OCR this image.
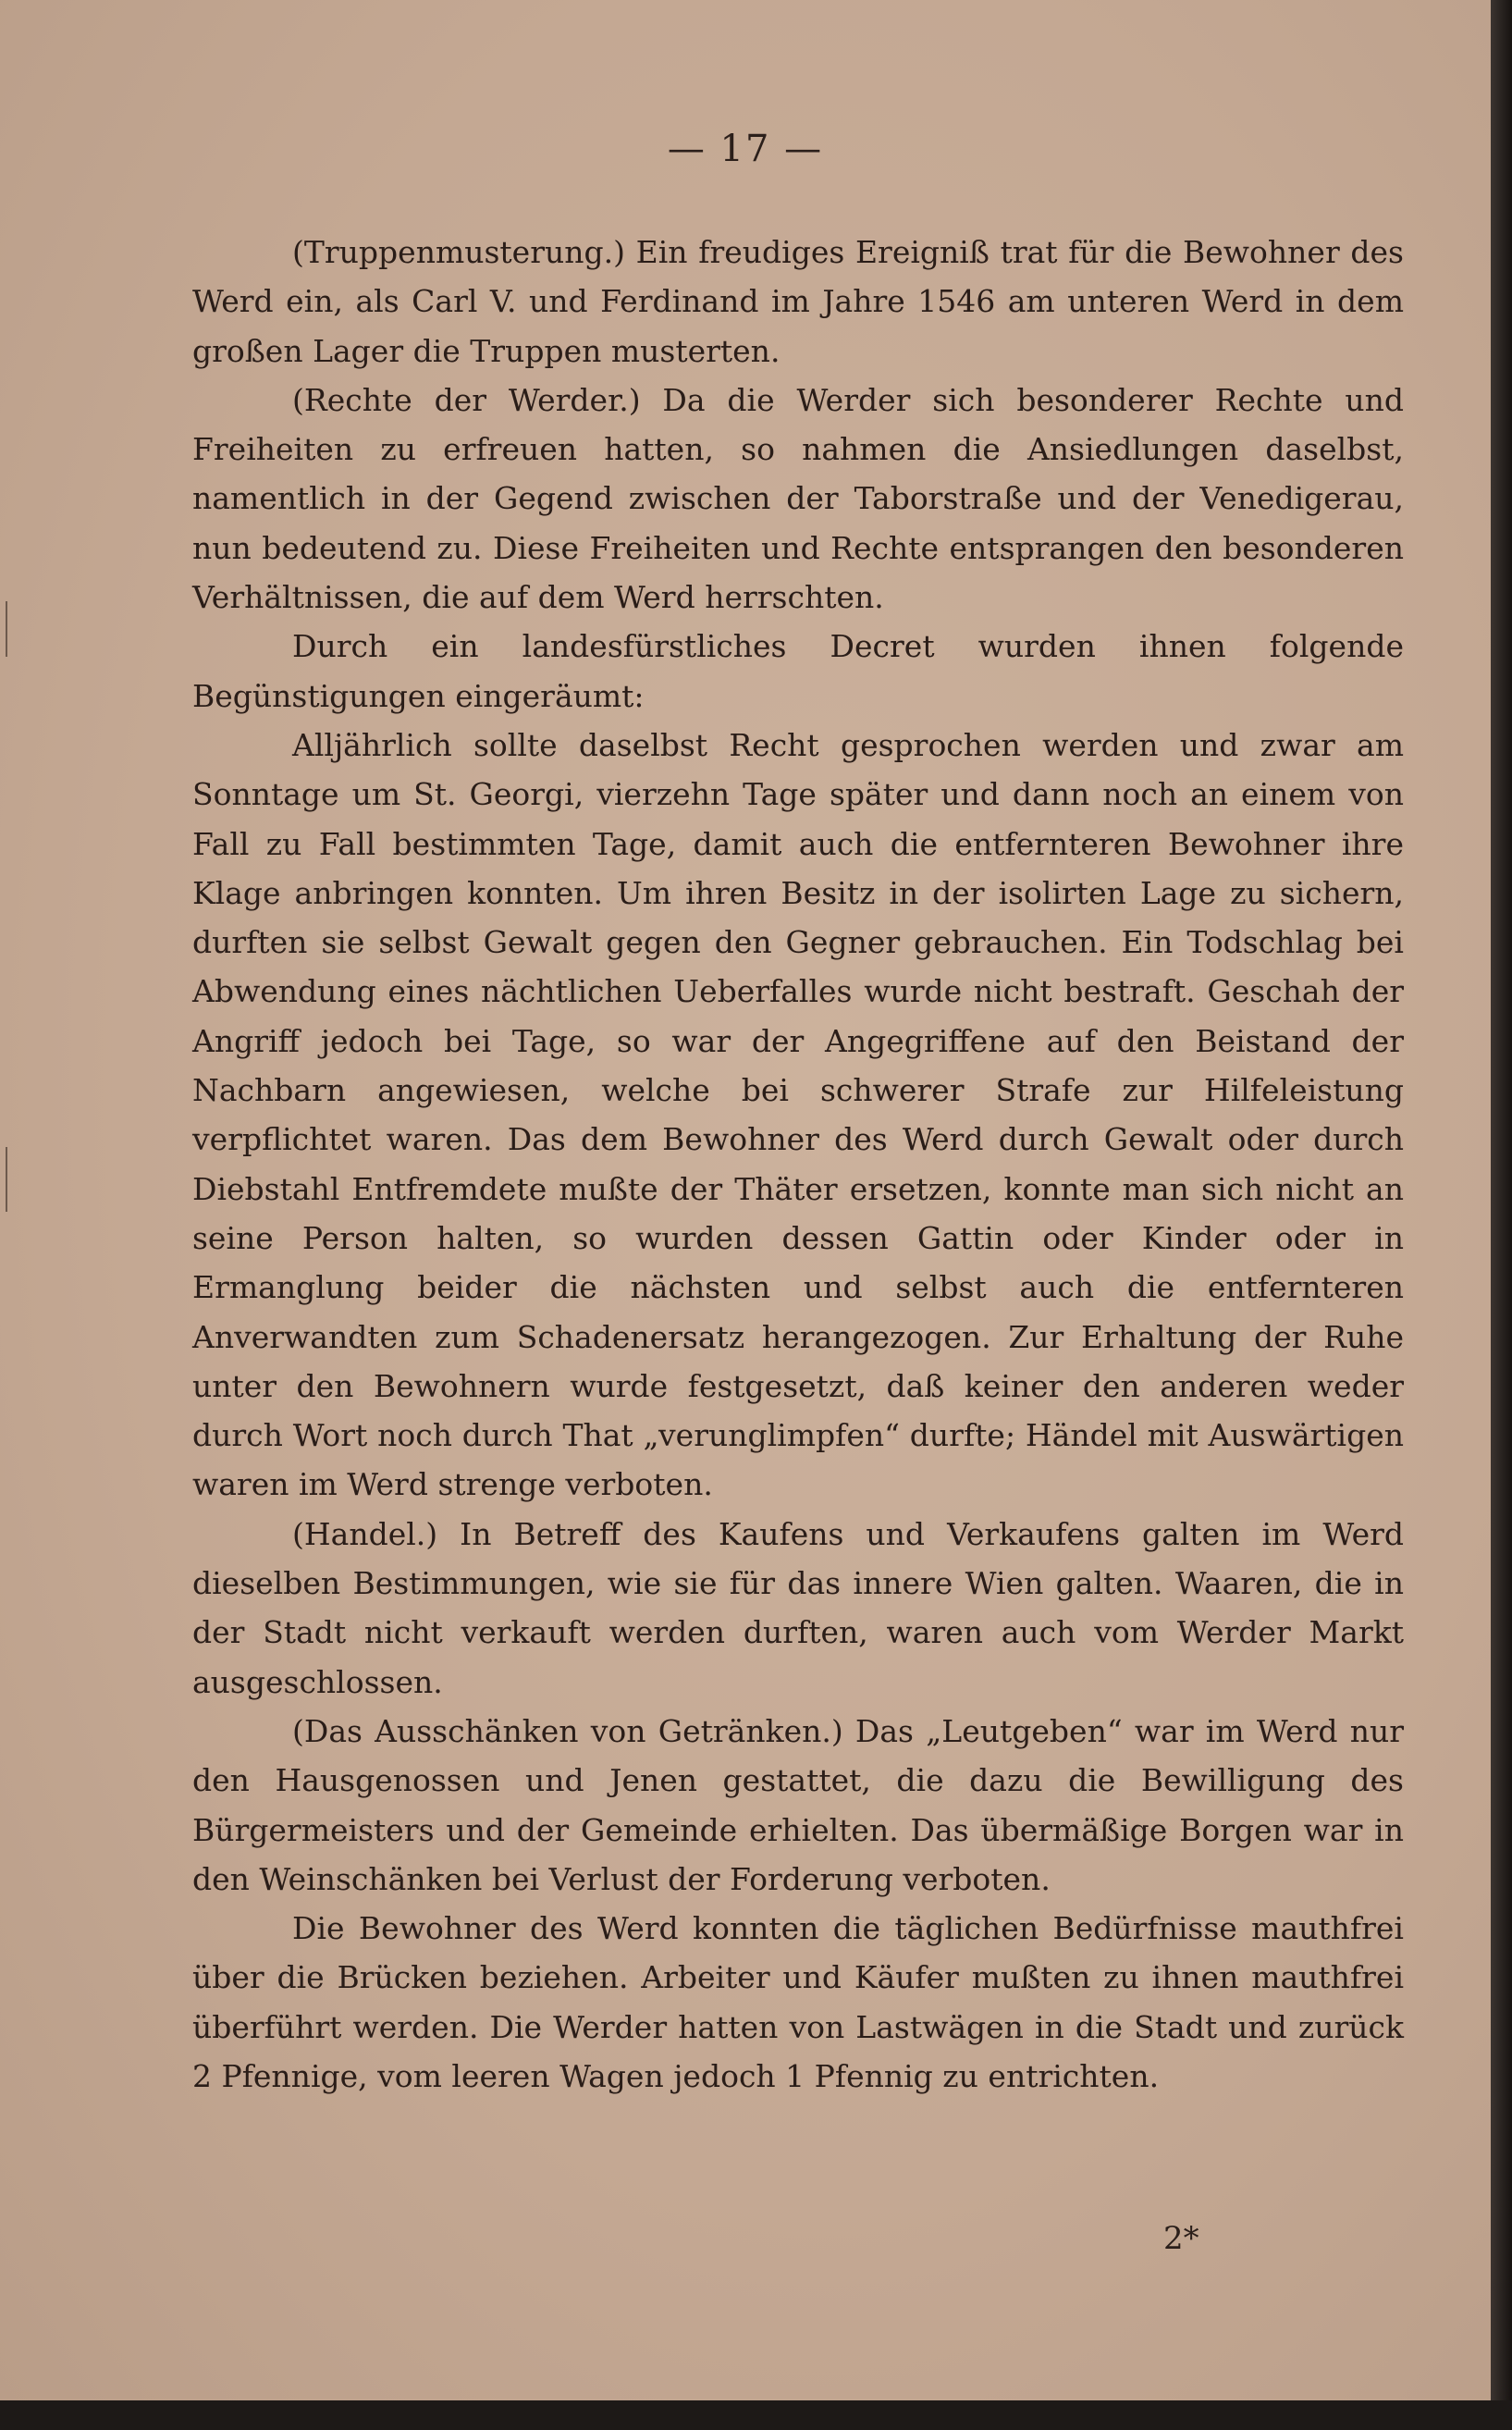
— 17 —

(Truppenmusterung.) Ein freudiges Ereigniß trat für die Bewohner des Werd ein, als Carl V. und Ferdinand im Jahre 1546 am unteren Werd in dem großen Lager die Truppen musterten.

(Rechte der Werder.) Da die Werder sich besonderer Rechte und Freiheiten zu erfreuen hatten, so nahmen die Ansiedlungen daselbst, namentlich in der Gegend zwischen der Taborstraße und der Venedigerau, nun bedeutend zu. Diese Freiheiten und Rechte entsprangen den besonderen Verhältnissen, die auf dem Werd herrschten.

Durch ein landesfürstliches Decret wurden ihnen folgende Begünstigungen eingeräumt:

Alljährlich sollte daselbst Recht gesprochen werden und zwar am Sonntage um St. Georgi, vierzehn Tage später und dann noch an einem von Fall zu Fall bestimmten Tage, damit auch die entfernteren Bewohner ihre Klage anbringen konnten. Um ihren Besitz in der isolirten Lage zu sichern, durften sie selbst Gewalt gegen den Gegner gebrauchen. Ein Todschlag bei Abwendung eines nächtlichen Ueberfalles wurde nicht bestraft. Geschah der Angriff jedoch bei Tage, so war der Angegriffene auf den Beistand der Nachbarn angewiesen, welche bei schwerer Strafe zur Hilfeleistung verpflichtet waren. Das dem Bewohner des Werd durch Gewalt oder durch Diebstahl Entfremdete mußte der Thäter ersetzen, konnte man sich nicht an seine Person halten, so wurden dessen Gattin oder Kinder oder in Ermanglung beider die nächsten und selbst auch die entfernteren Anverwandten zum Schadenersatz herangezogen. Zur Erhaltung der Ruhe unter den Bewohnern wurde festgesetzt, daß keiner den anderen weder durch Wort noch durch That „verunglimpfen“ durfte; Händel mit Auswärtigen waren im Werd strenge verboten.

(Handel.) In Betreff des Kaufens und Verkaufens galten im Werd dieselben Bestimmungen, wie sie für das innere Wien galten. Waaren, die in der Stadt nicht verkauft werden durften, waren auch vom Werder Markt ausgeschlossen.

(Das Ausschänken von Getränken.) Das „Leutgeben“ war im Werd nur den Hausgenossen und Jenen gestattet, die dazu die Bewilligung des Bürgermeisters und der Gemeinde erhielten. Das übermäßige Borgen war in den Weinschänken bei Verlust der Forderung verboten.

Die Bewohner des Werd konnten die täglichen Bedürfnisse mauthfrei über die Brücken beziehen. Arbeiter und Käufer mußten zu ihnen mauthfrei überführt werden. Die Werder hatten von Lastwägen in die Stadt und zurück 2 Pfennige, vom leeren Wagen jedoch 1 Pfennig zu entrichten.

2*
